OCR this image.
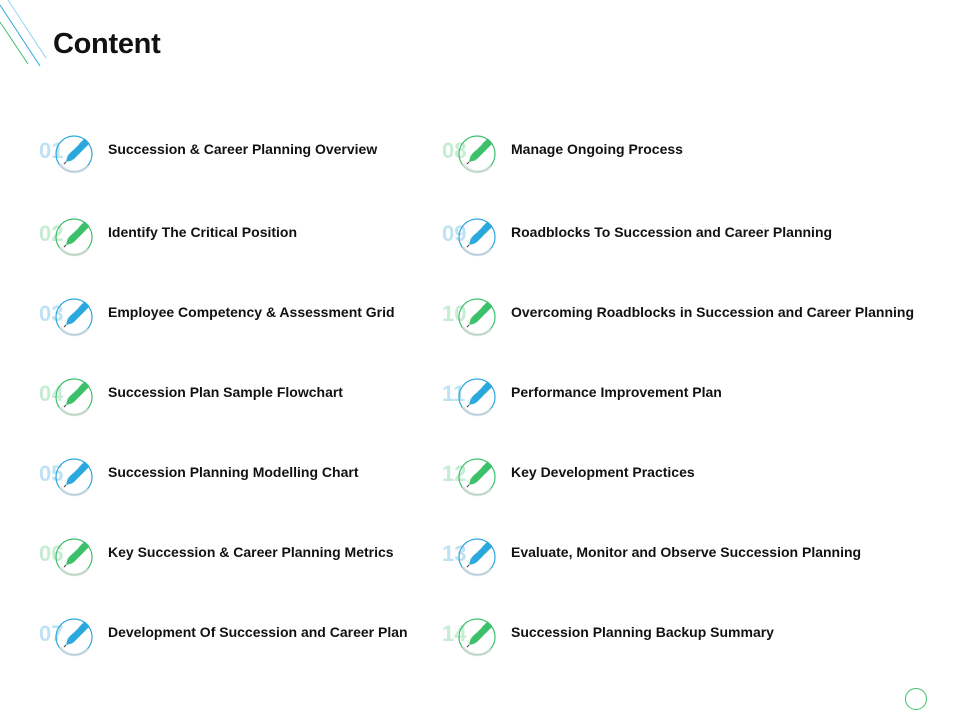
Content
01	Succession & Career Planning Overview
02	Identify The Critical Position
03	Employee Competency & Assessment Grid
04	Succession Plan Sample Flowchart
05	Succession Planning Modelling Chart
06	Key Succession & Career Planning Metrics
07	Development Of Succession and Career Plan
08	Manage Ongoing Process
09	Roadblocks To Succession and Career Planning
10	Overcoming Roadblocks in Succession and Career Planning
11	Performance Improvement Plan
12	Key Development Practices
13	Evaluate, Monitor and Observe Succession Planning
14	Succession Planning Backup Summary
